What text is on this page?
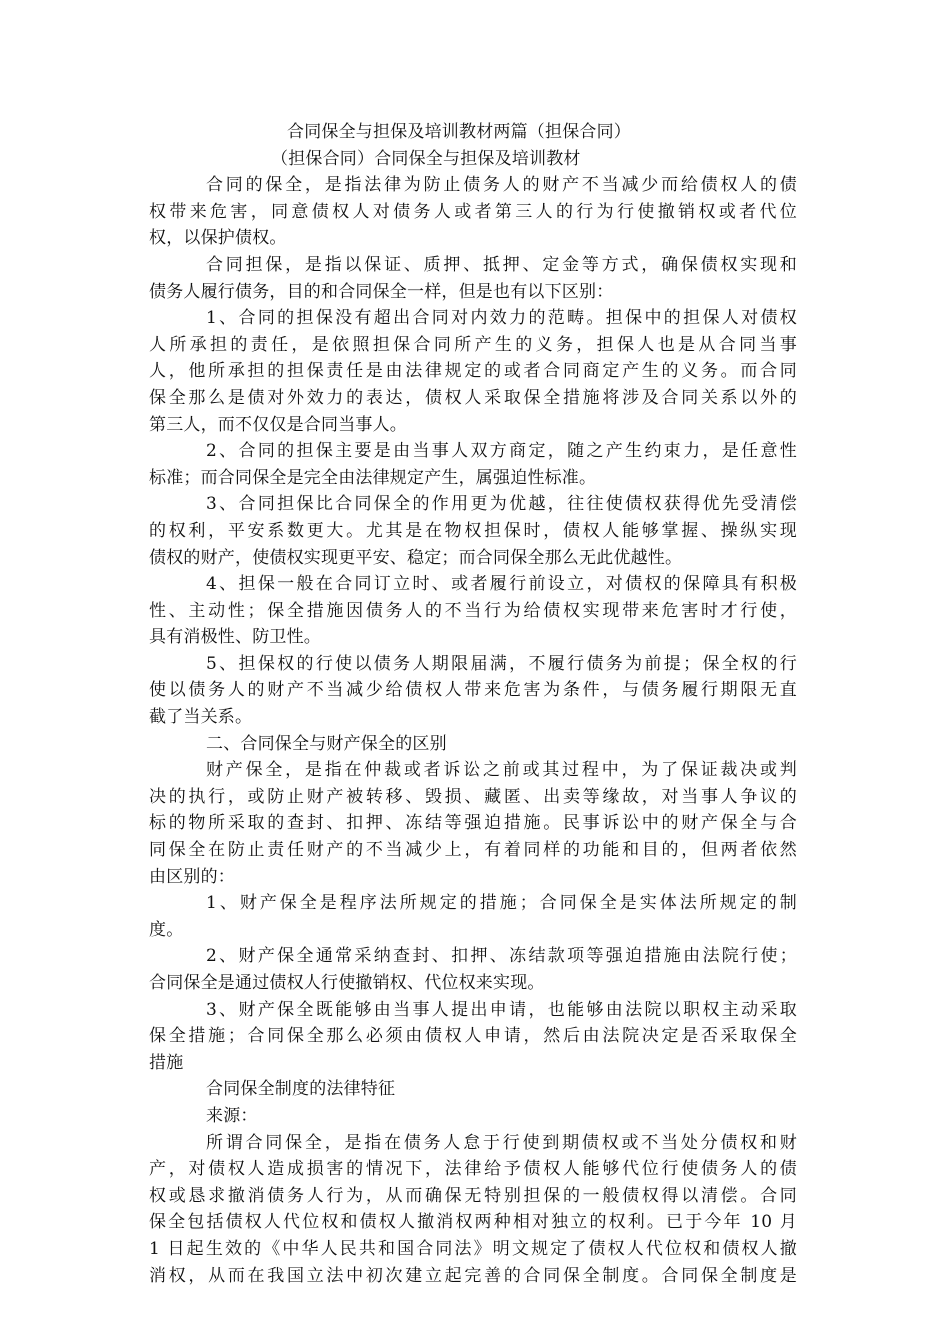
合同保全与担保及培训教材两篇（担保合同）
（担保合同）合同保全与担保及培训教材
合同的保全，是指法律为防止债务人的财产不当减少而给债权人的债
权带来危害，同意债权人对债务人或者第三人的行为行使撤销权或者代位
权，以保护债权。
合同担保，是指以保证、质押、抵押、定金等方式，确保债权实现和
债务人履行债务，目的和合同保全一样，但是也有以下区别：
1、合同的担保没有超出合同对内效力的范畴。担保中的担保人对债权
人所承担的责任，是依照担保合同所产生的义务，担保人也是从合同当事
人，他所承担的担保责任是由法律规定的或者合同商定产生的义务。而合同
保全那么是债对外效力的表达，债权人采取保全措施将涉及合同关系以外的
第三人，而不仅仅是合同当事人。
2、合同的担保主要是由当事人双方商定，随之产生约束力，是任意性
标准；而合同保全是完全由法律规定产生，属强迫性标准。
3、合同担保比合同保全的作用更为优越，往往使债权获得优先受清偿
的权利，平安系数更大。尤其是在物权担保时，债权人能够掌握、操纵实现
债权的财产，使债权实现更平安、稳定；而合同保全那么无此优越性。
4、担保一般在合同订立时、或者履行前设立，对债权的保障具有积极
性、主动性；保全措施因债务人的不当行为给债权实现带来危害时才行使，
具有消极性、防卫性。
5、担保权的行使以债务人期限届满，不履行债务为前提；保全权的行
使以债务人的财产不当减少给债权人带来危害为条件，与债务履行期限无直
截了当关系。
二、合同保全与财产保全的区别
财产保全，是指在仲裁或者诉讼之前或其过程中，为了保证裁决或判
决的执行，或防止财产被转移、毁损、藏匿、出卖等缘故，对当事人争议的
标的物所采取的查封、扣押、冻结等强迫措施。民事诉讼中的财产保全与合
同保全在防止责任财产的不当减少上，有着同样的功能和目的，但两者依然
由区别的：
1、财产保全是程序法所规定的措施；合同保全是实体法所规定的制
度。
2、财产保全通常采纳查封、扣押、冻结款项等强迫措施由法院行使；
合同保全是通过债权人行使撤销权、代位权来实现。
3、财产保全既能够由当事人提出申请，也能够由法院以职权主动采取
保全措施；合同保全那么必须由债权人申请，然后由法院决定是否采取保全
措施
合同保全制度的法律特征
来源：
所谓合同保全，是指在债务人怠于行使到期债权或不当处分债权和财
产，对债权人造成损害的情况下，法律给予债权人能够代位行使债务人的债
权或恳求撤消债务人行为，从而确保无特别担保的一般债权得以清偿。合同
保全包括债权人代位权和债权人撤消权两种相对独立的权利。已于今年 10 月
1 日起生效的《中华人民共和国合同法》明文规定了债权人代位权和债权人撤
消权，从而在我国立法中初次建立起完善的合同保全制度。合同保全制度是
